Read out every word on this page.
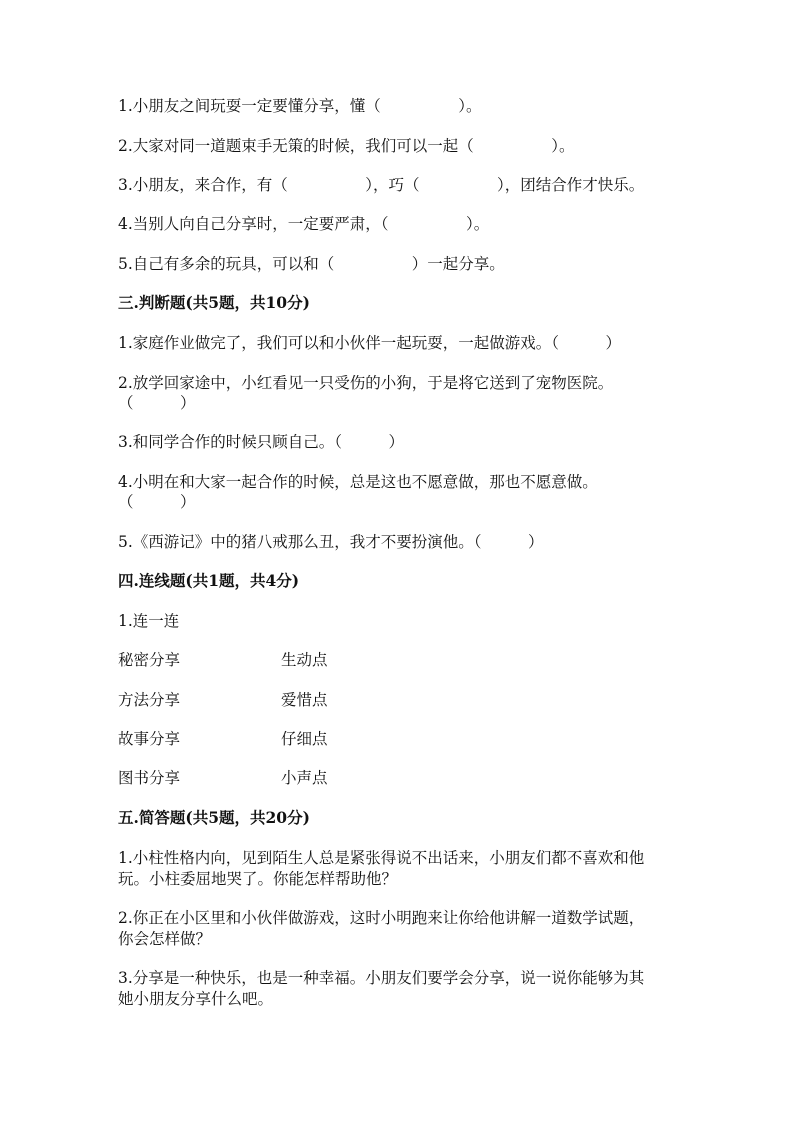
1.小朋友之间玩耍一定要懂分享，懂（　　　　　）。
2.大家对同一道题束手无策的时候，我们可以一起（　　　　　）。
3.小朋友，来合作，有（　　　　　），巧（　　　　　），团结合作才快乐。
4.当别人向自己分享时，一定要严肃，（　　　　　）。
5.自己有多余的玩具，可以和（　　　　　）一起分享。
三.判断题(共5题，共10分)
1.家庭作业做完了，我们可以和小伙伴一起玩耍，一起做游戏。（　　　）
2.放学回家途中，小红看见一只受伤的小狗，于是将它送到了宠物医院。
（　　　）
3.和同学合作的时候只顾自己。（　　　）
4.小明在和大家一起合作的时候，总是这也不愿意做，那也不愿意做。
（　　　）
5.《西游记》中的猪八戒那么丑，我才不要扮演他。（　　　）
四.连线题(共1题，共4分)
1.连一连
秘密分享	生动点
方法分享	爱惜点
故事分享	仔细点
图书分享	小声点
五.简答题(共5题，共20分)
1.小柱性格内向，见到陌生人总是紧张得说不出话来，小朋友们都不喜欢和他
玩。小柱委屈地哭了。你能怎样帮助他？
2.你正在小区里和小伙伴做游戏，这时小明跑来让你给他讲解一道数学试题，
你会怎样做？
3.分享是一种快乐，也是一种幸福。小朋友们要学会分享，说一说你能够为其
她小朋友分享什么吧。
